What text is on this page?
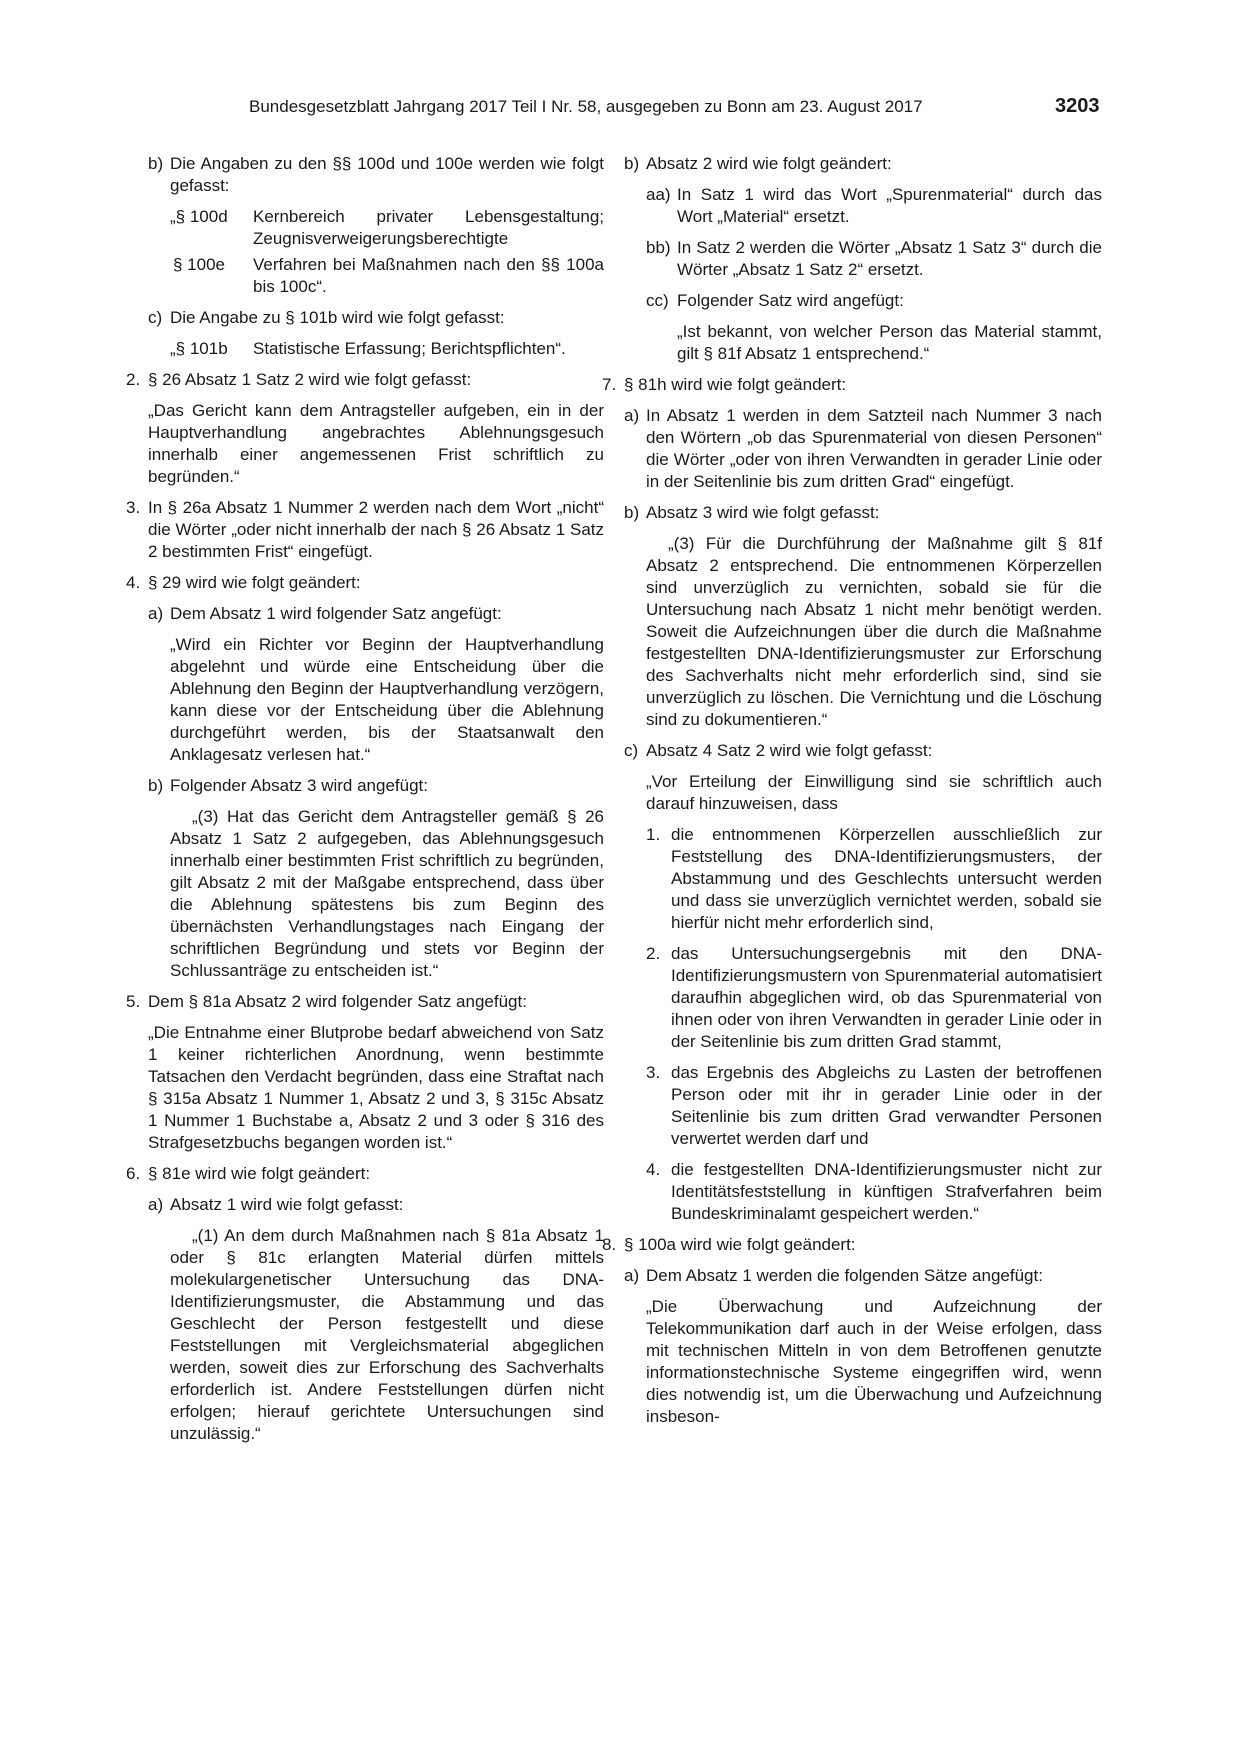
Bundesgesetzblatt Jahrgang 2017 Teil I Nr. 58, ausgegeben zu Bonn am 23. August 2017	3203
b) Die Angaben zu den §§ 100d und 100e werden wie folgt gefasst:

„§ 100d Kernbereich privater Lebensgestaltung; Zeugnisverweigerungsberechtigte

§ 100e Verfahren bei Maßnahmen nach den §§ 100a bis 100c“.

c) Die Angabe zu § 101b wird wie folgt gefasst:

„§ 101b Statistische Erfassung; Berichtspflichten“.

2. § 26 Absatz 1 Satz 2 wird wie folgt gefasst:

„Das Gericht kann dem Antragsteller aufgeben, ein in der Hauptverhandlung angebrachtes Ablehnungsgesuch innerhalb einer angemessenen Frist schriftlich zu begründen.“

3. In § 26a Absatz 1 Nummer 2 werden nach dem Wort „nicht“ die Wörter „oder nicht innerhalb der nach § 26 Absatz 1 Satz 2 bestimmten Frist“ eingefügt.

4. § 29 wird wie folgt geändert:

a) Dem Absatz 1 wird folgender Satz angefügt:

„Wird ein Richter vor Beginn der Hauptverhandlung abgelehnt und würde eine Entscheidung über die Ablehnung den Beginn der Hauptverhandlung verzögern, kann diese vor der Entscheidung über die Ablehnung durchgeführt werden, bis der Staatsanwalt den Anklagesatz verlesen hat.“

b) Folgender Absatz 3 wird angefügt:

„(3) Hat das Gericht dem Antragsteller gemäß § 26 Absatz 1 Satz 2 aufgegeben, das Ablehnungsgesuch innerhalb einer bestimmten Frist schriftlich zu begründen, gilt Absatz 2 mit der Maßgabe entsprechend, dass über die Ablehnung spätestens bis zum Beginn des übernächsten Verhandlungstages nach Eingang der schriftlichen Begründung und stets vor Beginn der Schlussanträge zu entscheiden ist.“

5. Dem § 81a Absatz 2 wird folgender Satz angefügt:

„Die Entnahme einer Blutprobe bedarf abweichend von Satz 1 keiner richterlichen Anordnung, wenn bestimmte Tatsachen den Verdacht begründen, dass eine Straftat nach § 315a Absatz 1 Nummer 1, Absatz 2 und 3, § 315c Absatz 1 Nummer 1 Buchstabe a, Absatz 2 und 3 oder § 316 des Strafgesetzbuchs begangen worden ist.“

6. § 81e wird wie folgt geändert:

a) Absatz 1 wird wie folgt gefasst:

„(1) An dem durch Maßnahmen nach § 81a Absatz 1 oder § 81c erlangten Material dürfen mittels molekulargenetischer Untersuchung das DNA-Identifizierungsmuster, die Abstammung und das Geschlecht der Person festgestellt und diese Feststellungen mit Vergleichsmaterial abgeglichen werden, soweit dies zur Erforschung des Sachverhalts erforderlich ist. Andere Feststellungen dürfen nicht erfolgen; hierauf gerichtete Untersuchungen sind unzulässig.“

b) Absatz 2 wird wie folgt geändert:

aa) In Satz 1 wird das Wort „Spurenmaterial“ durch das Wort „Material“ ersetzt.

bb) In Satz 2 werden die Wörter „Absatz 1 Satz 3“ durch die Wörter „Absatz 1 Satz 2“ ersetzt.

cc) Folgender Satz wird angefügt:

„Ist bekannt, von welcher Person das Material stammt, gilt § 81f Absatz 1 entsprechend.“

7. § 81h wird wie folgt geändert:

a) In Absatz 1 werden in dem Satzteil nach Nummer 3 nach den Wörtern „ob das Spurenmaterial von diesen Personen“ die Wörter „oder von ihren Verwandten in gerader Linie oder in der Seitenlinie bis zum dritten Grad“ eingefügt.

b) Absatz 3 wird wie folgt gefasst:

„(3) Für die Durchführung der Maßnahme gilt § 81f Absatz 2 entsprechend. Die entnommenen Körperzellen sind unverzüglich zu vernichten, sobald sie für die Untersuchung nach Absatz 1 nicht mehr benötigt werden. Soweit die Aufzeichnungen über die durch die Maßnahme festgestellten DNA-Identifizierungsmuster zur Erforschung des Sachverhalts nicht mehr erforderlich sind, sind sie unverzüglich zu löschen. Die Vernichtung und die Löschung sind zu dokumentieren.“

c) Absatz 4 Satz 2 wird wie folgt gefasst:

„Vor Erteilung der Einwilligung sind sie schriftlich auch darauf hinzuweisen, dass

1. die entnommenen Körperzellen ausschließlich zur Feststellung des DNA-Identifizierungsmusters, der Abstammung und des Geschlechts untersucht werden und dass sie unverzüglich vernichtet werden, sobald sie hierfür nicht mehr erforderlich sind,

2. das Untersuchungsergebnis mit den DNA-Identifizierungsmustern von Spurenmaterial automatisiert daraufhin abgeglichen wird, ob das Spurenmaterial von ihnen oder von ihren Verwandten in gerader Linie oder in der Seitenlinie bis zum dritten Grad stammt,

3. das Ergebnis des Abgleichs zu Lasten der betroffenen Person oder mit ihr in gerader Linie oder in der Seitenlinie bis zum dritten Grad verwandter Personen verwertet werden darf und

4. die festgestellten DNA-Identifizierungsmuster nicht zur Identitätsfeststellung in künftigen Strafverfahren beim Bundeskriminalamt gespeichert werden.“

8. § 100a wird wie folgt geändert:

a) Dem Absatz 1 werden die folgenden Sätze angefügt:

„Die Überwachung und Aufzeichnung der Telekommunikation darf auch in der Weise erfolgen, dass mit technischen Mitteln in von dem Betroffenen genutzte informationstechnische Systeme eingegriffen wird, wenn dies notwendig ist, um die Überwachung und Aufzeichnung insbeson-
